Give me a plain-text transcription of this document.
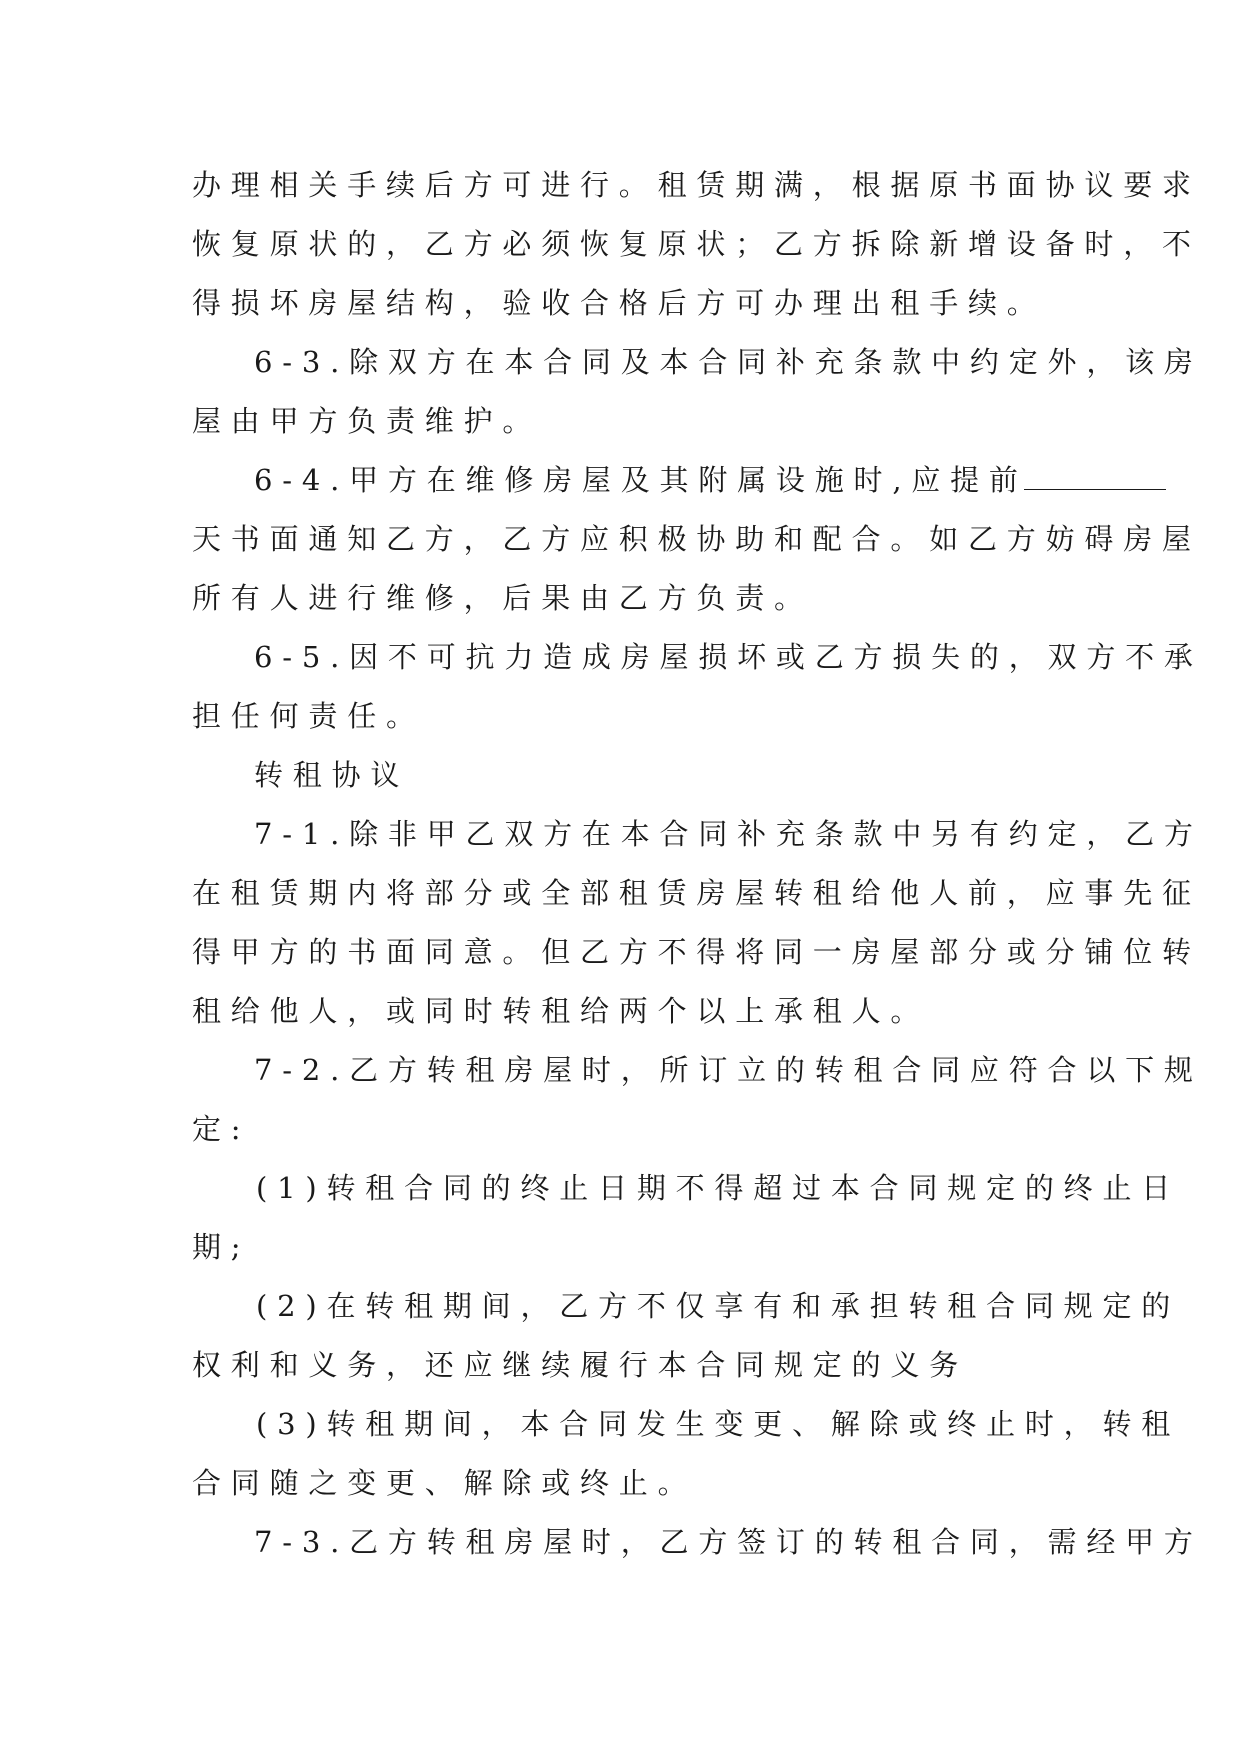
办理相关手续后方可进行。租赁期满，根据原书面协议要求
恢复原状的，乙方必须恢复原状；乙方拆除新增设备时，不
得损坏房屋结构，验收合格后方可办理出租手续。
6-3.除双方在本合同及本合同补充条款中约定外，该房
屋由甲方负责维护。
6-4.甲方在维修房屋及其附属设施时,应提前
天书面通知乙方，乙方应积极协助和配合。如乙方妨碍房屋
所有人进行维修，后果由乙方负责。
6-5.因不可抗力造成房屋损坏或乙方损失的，双方不承
担任何责任。
转租协议
7-1.除非甲乙双方在本合同补充条款中另有约定，乙方
在租赁期内将部分或全部租赁房屋转租给他人前，应事先征
得甲方的书面同意。但乙方不得将同一房屋部分或分铺位转
租给他人，或同时转租给两个以上承租人。
7-2.乙方转租房屋时，所订立的转租合同应符合以下规
定:
(1)转租合同的终止日期不得超过本合同规定的终止日
期;
(2)在转租期间，乙方不仅享有和承担转租合同规定的
权利和义务，还应继续履行本合同规定的义务
(3)转租期间，本合同发生变更、解除或终止时，转租
合同随之变更、解除或终止。
7-3.乙方转租房屋时，乙方签订的转租合同，需经甲方
